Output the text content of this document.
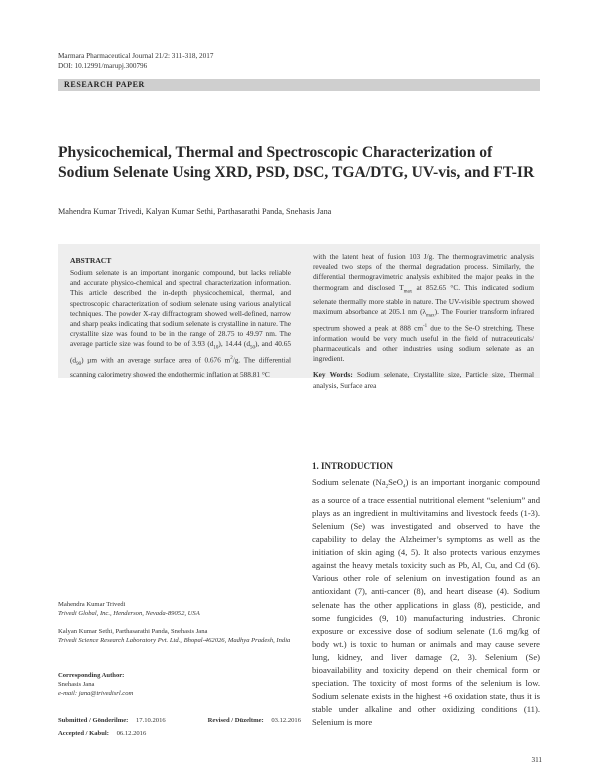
Marmara Pharmaceutical Journal 21/2: 311-318, 2017
DOI: 10.12991/marupj.300796
RESEARCH PAPER
Physicochemical, Thermal and Spectroscopic Characterization of
Sodium Selenate Using XRD, PSD, DSC, TGA/DTG, UV-vis, and FT-IR
Mahendra Kumar Trivedi, Kalyan Kumar Sethi, Parthasarathi Panda, Snehasis Jana
ABSTRACT

Sodium selenate is an important inorganic compound, but lacks reliable and accurate physico-chemical and spectral characterization information. This article described the in-depth physicochemical, thermal, and spectroscopic characterization of sodium selenate using various analytical techniques. The powder X-ray diffractogram showed well-defined, narrow and sharp peaks indicating that sodium selenate is crystalline in nature. The crystallite size was found to be in the range of 28.75 to 49.97 nm. The average particle size was found to be of 3.93 $(d_{10})$, 14.44 $(d_{50})$, and 40.65 $(d_{90})$ µm with an average surface area of 0.676 $m^2/g$. The differential scanning calorimetry showed the endothermic inflation at 588.81 °C

with the latent heat of fusion 103 J/g. The thermogravimetric analysis revealed two steps of the thermal degradation process. Similarly, the differential thermogravimetric analysis exhibited the major peaks in the thermogram and disclosed $T_{max}$ at 852.65 °C. This indicated sodium selenate thermally more stable in nature. The UV-visible spectrum showed maximum absorbance at 205.1 nm $(\lambda_{max})$. The Fourier transform infrared spectrum showed a peak at 888 $cm^{-1}$ due to the Se-O stretching. These information would be very much useful in the field of nutraceuticals/ pharmaceuticals and other industries using sodium selenate as an ingredient.

Key Words: Sodium selenate, Crystallite size, Particle size, Thermal analysis, Surface area

1. INTRODUCTION

Sodium selenate $(Na_2SeO_4)$ is an important inorganic compound as a source of a trace essential nutritional element “selenium” and plays as an ingredient in multivitamins and livestock feeds (1-3). Selenium (Se) was investigated and observed to have the capability to delay the Alzheimer’s symptoms as well as the initiation of skin aging (4, 5). It also protects various enzymes against the heavy metals toxicity such as Pb, Al, Cu, and Cd (6). Various other role of selenium on investigation found as an antioxidant (7), anti-cancer (8), and heart disease (4). Sodium selenate has the other applications in glass (8), pesticide, and some fungicides (9, 10) manufacturing industries. Chronic exposure or excessive dose of sodium selenate (1.6 mg/kg of body wt.) is toxic to human or animals and may cause severe lung, kidney, and liver damage (2, 3). Selenium (Se) bioavailability and toxicity depend on their chemical form or speciation. The toxicity of most forms of the selenium is low. Sodium selenate exists in the highest +6 oxidation state, thus it is stable under alkaline and other oxidizing conditions (11). Selenium is more

Mahendra Kumar Trivedi
Trivedi Global, Inc., Henderson, Nevada-89052, USA
Kalyan Kumar Sethi, Parthasarathi Panda, Snehasis Jana
Trivedi Science Research Laboratory Pvt. Ltd., Bhopal-462026, Madhya Pradesh, India
Corresponding Author:
Snehasis Jana
e-mail: jana@trivedisrl.com
Submitted / Gönderilme: 17.10.2016	Revised / Düzeltme: 03.12.2016
Accepted / Kabul: 06.12.2016
311
